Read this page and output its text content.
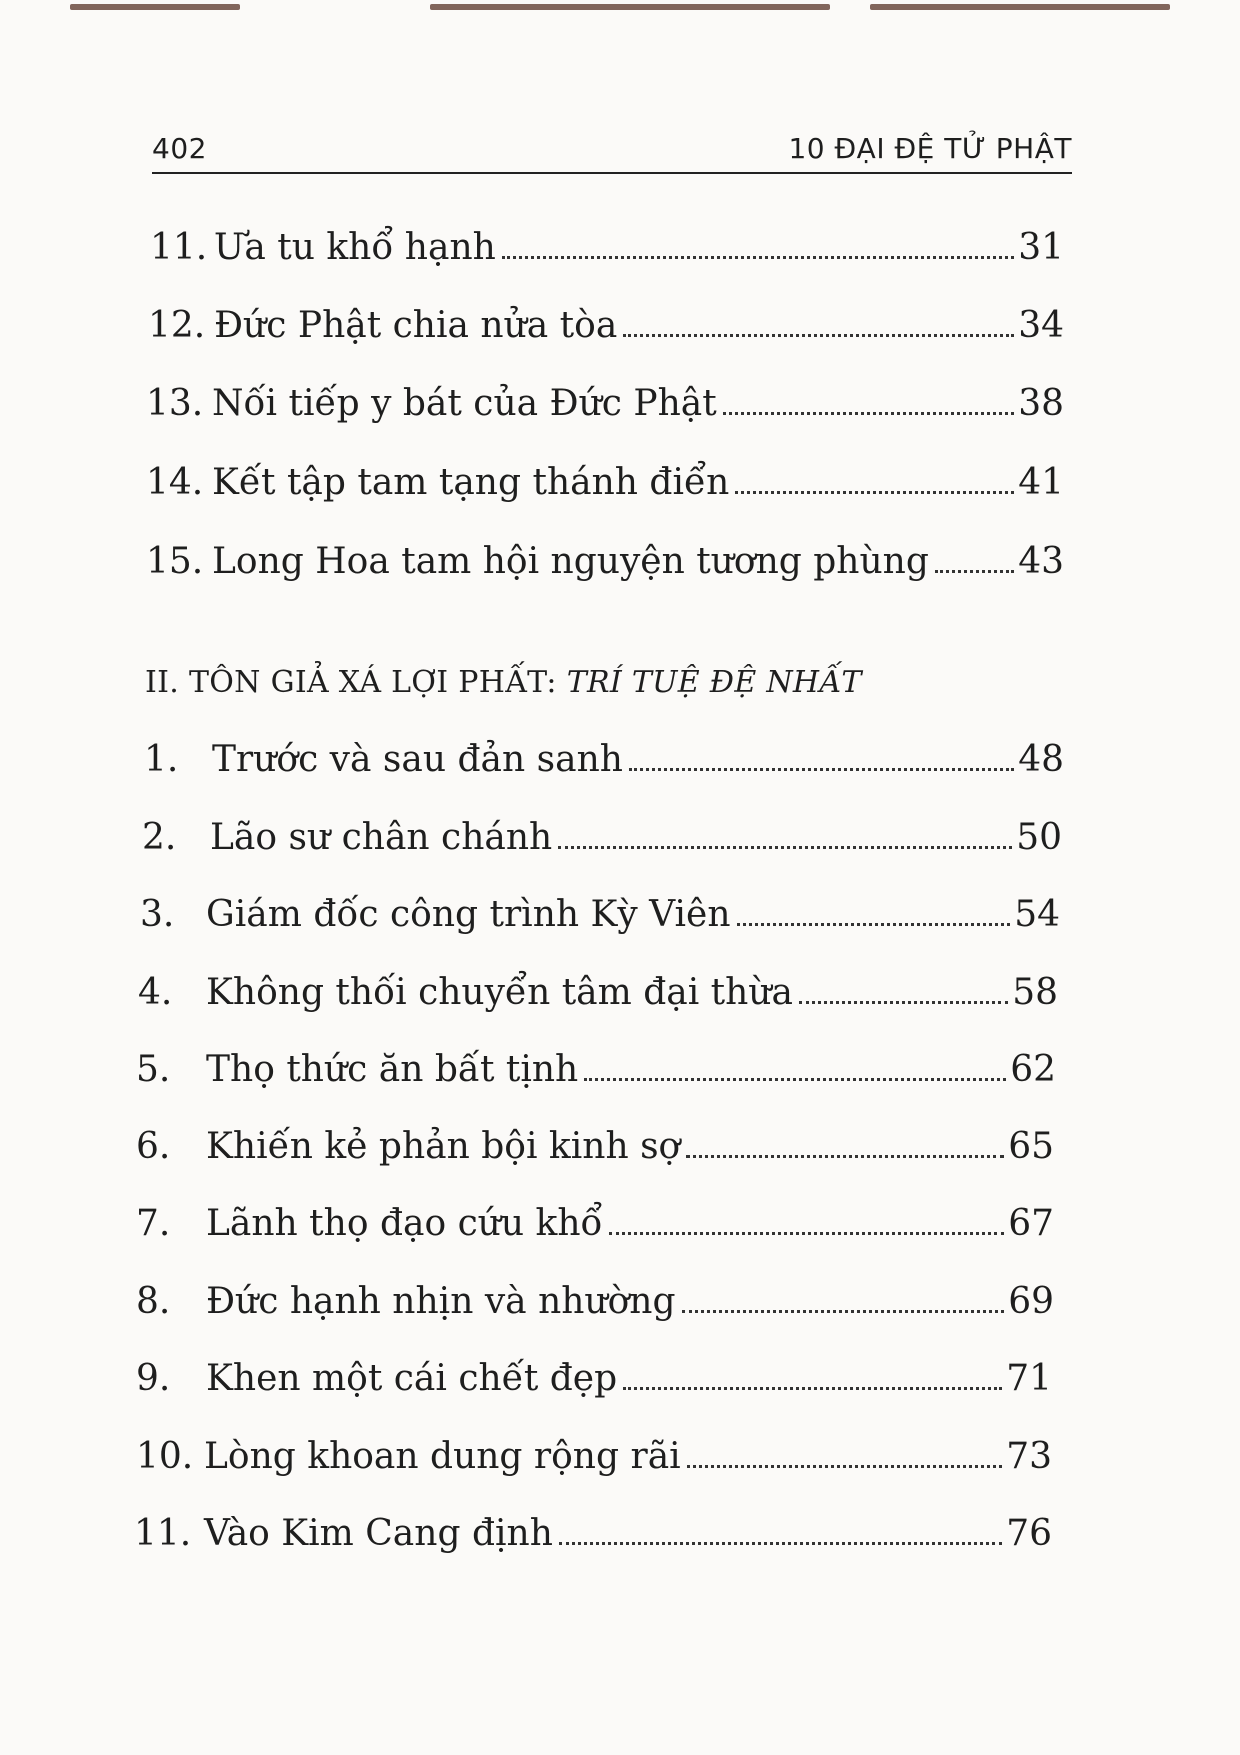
402	10 ĐẠI ĐỆ TỬ PHẬT
11. Ưa tu khổ hạnh	31
12. Đức Phật chia nửa tòa	34
13. Nối tiếp y bát của Đức Phật	38
14. Kết tập tam tạng thánh điển	41
15. Long Hoa tam hội nguyện tương phùng 43
II. TÔN GIẢ XÁ LỢI PHẤT: TRÍ TUỆ ĐỆ NHẤT
1. Trước và sau đản sanh	48
2. Lão sư chân chánh	50
3. Giám đốc công trình Kỳ Viên	54
4. Không thối chuyển tâm đại thừa	58
5. Thọ thức ăn bất tịnh	62
6. Khiến kẻ phản bội kinh sợ	65
7. Lãnh thọ đạo cứu khổ	67
8. Đức hạnh nhịn và nhường	69
9. Khen một cái chết đẹp	71
10. Lòng khoan dung rộng rãi	73
11. Vào Kim Cang định	76
